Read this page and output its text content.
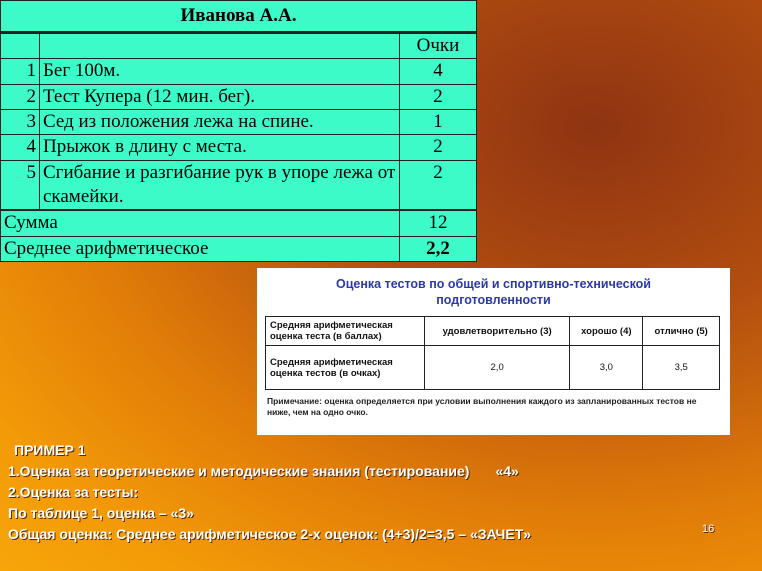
Иванова А.А.		
		Очки
1	Бег 100м.	4
2	Тест Купера (12 мин. бег).	2
3	Сед из положения лежа на спине.	1
4	Прыжок в длину с места.	2
5	Сгибание и разгибание рук в упоре лежа от скамейки.	2
Сумма		12
Среднее арифметическое		2,2
Оценка тестов по общей и спортивно-технической подготовленности
Средняя арифметическая оценка теста (в баллах)	удовлетворительно (3)	хорошо (4)	отлично (5)
Средняя арифметическая оценка тестов (в очках)	2,0	3,0	3,5
Примечание: оценка определяется при условии выполнения каждого из запланированных тестов не ниже, чем на одно очко.
ПРИМЕР 1
1.Оценка за теоретические и методические знания (тестирование) «4»
2.Оценка за тесты:
По таблице 1, оценка – «3»
Общая оценка: Среднее арифметическое 2-х оценок: (4+3)/2=3,5 – «ЗАЧЕТ»	16
